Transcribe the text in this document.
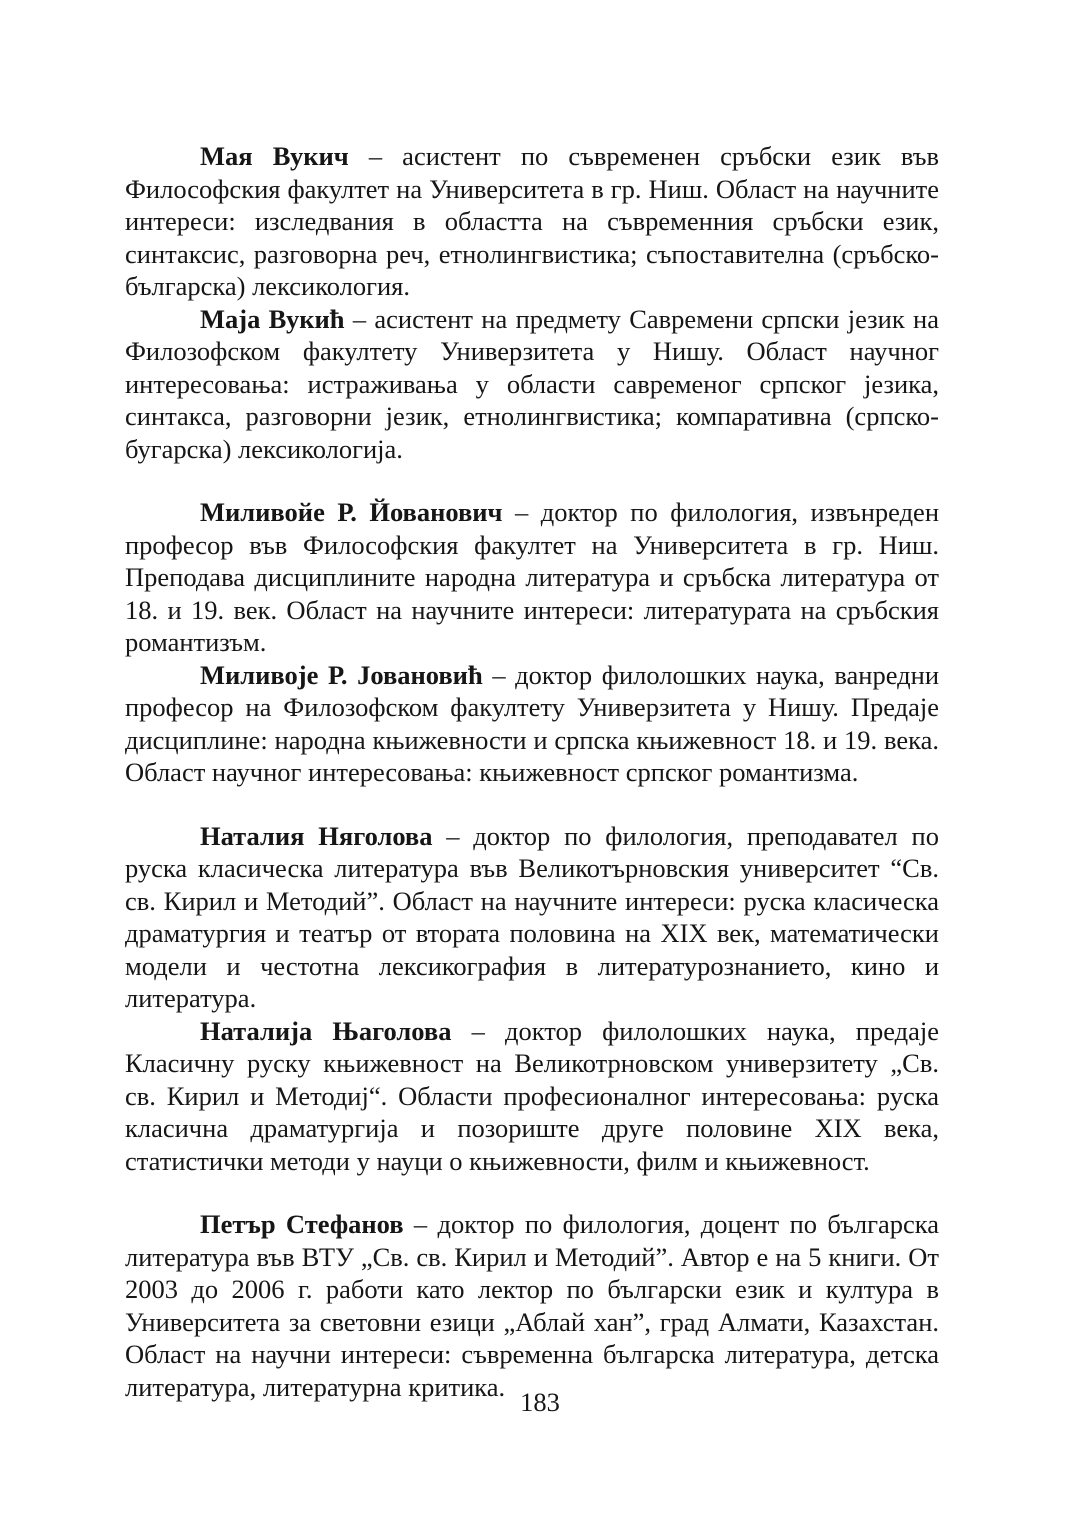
Мая Вукич – асистент по съвременен сръбски език във Философския факултет на Университета в гр. Ниш. Област на научните интереси: изследвания в областта на съвременния сръбски език, синтаксис, разговорна реч, етнолингвистика; съпоставителна (сръбско-българска) лексикология.

Маја Вукић – асистент на предмету Савремени српски језик на Филозофском факултету Универзитета у Нишу. Област научног интересовања: истраживања у области савременог српског језика, синтакса, разговорни језик, етнолингвистика; компаративна (српско-бугарска) лексикологија.

Миливойе Р. Йованович – доктор по филология, извънреден професор във Философския факултет на Университета в гр. Ниш. Преподава дисциплините народна литература и сръбска литература от 18. и 19. век. Област на научните интереси: литературата на сръбския романтизъм.

Миливоје Р. Јовановић – доктор филолошких наука, ванредни професор на Филозофском факултету Универзитета у Нишу. Предаје дисциплине: народна књижевности и српска књижевност 18. и 19. века. Област научног интересовања: књижевност српског романтизма.

Наталия Няголова – доктор по филология, преподавател по руска класическа литература във Великотърновския университет “Св. св. Кирил и Методий”. Област на научните интереси: руска класическа драматургия и театър от втората половина на XIX век, математически модели и честотна лексикография в литературознанието, кино и литература.

Наталија Њаголова – доктор филолошких наука, предаје Класичну руску књижевност на Великотрновском универзитету „Св. св. Кирил и Методиј“. Области професионалног интересовања: руска класична драматургија и позориште друге половине XIX века, статистички методи у науци о књижевности, филм и књижевност.

Петър Стефанов – доктор по филология, доцент по българска литература във ВТУ „Св. св. Кирил и Методий”. Автор е на 5 книги. От 2003 до 2006 г. работи като лектор по български език и култура в Университета за световни езици „Аблай хан”, град Алмати, Казахстан. Област на научни интереси: съвременна българска литература, детска литература, литературна критика.

183
